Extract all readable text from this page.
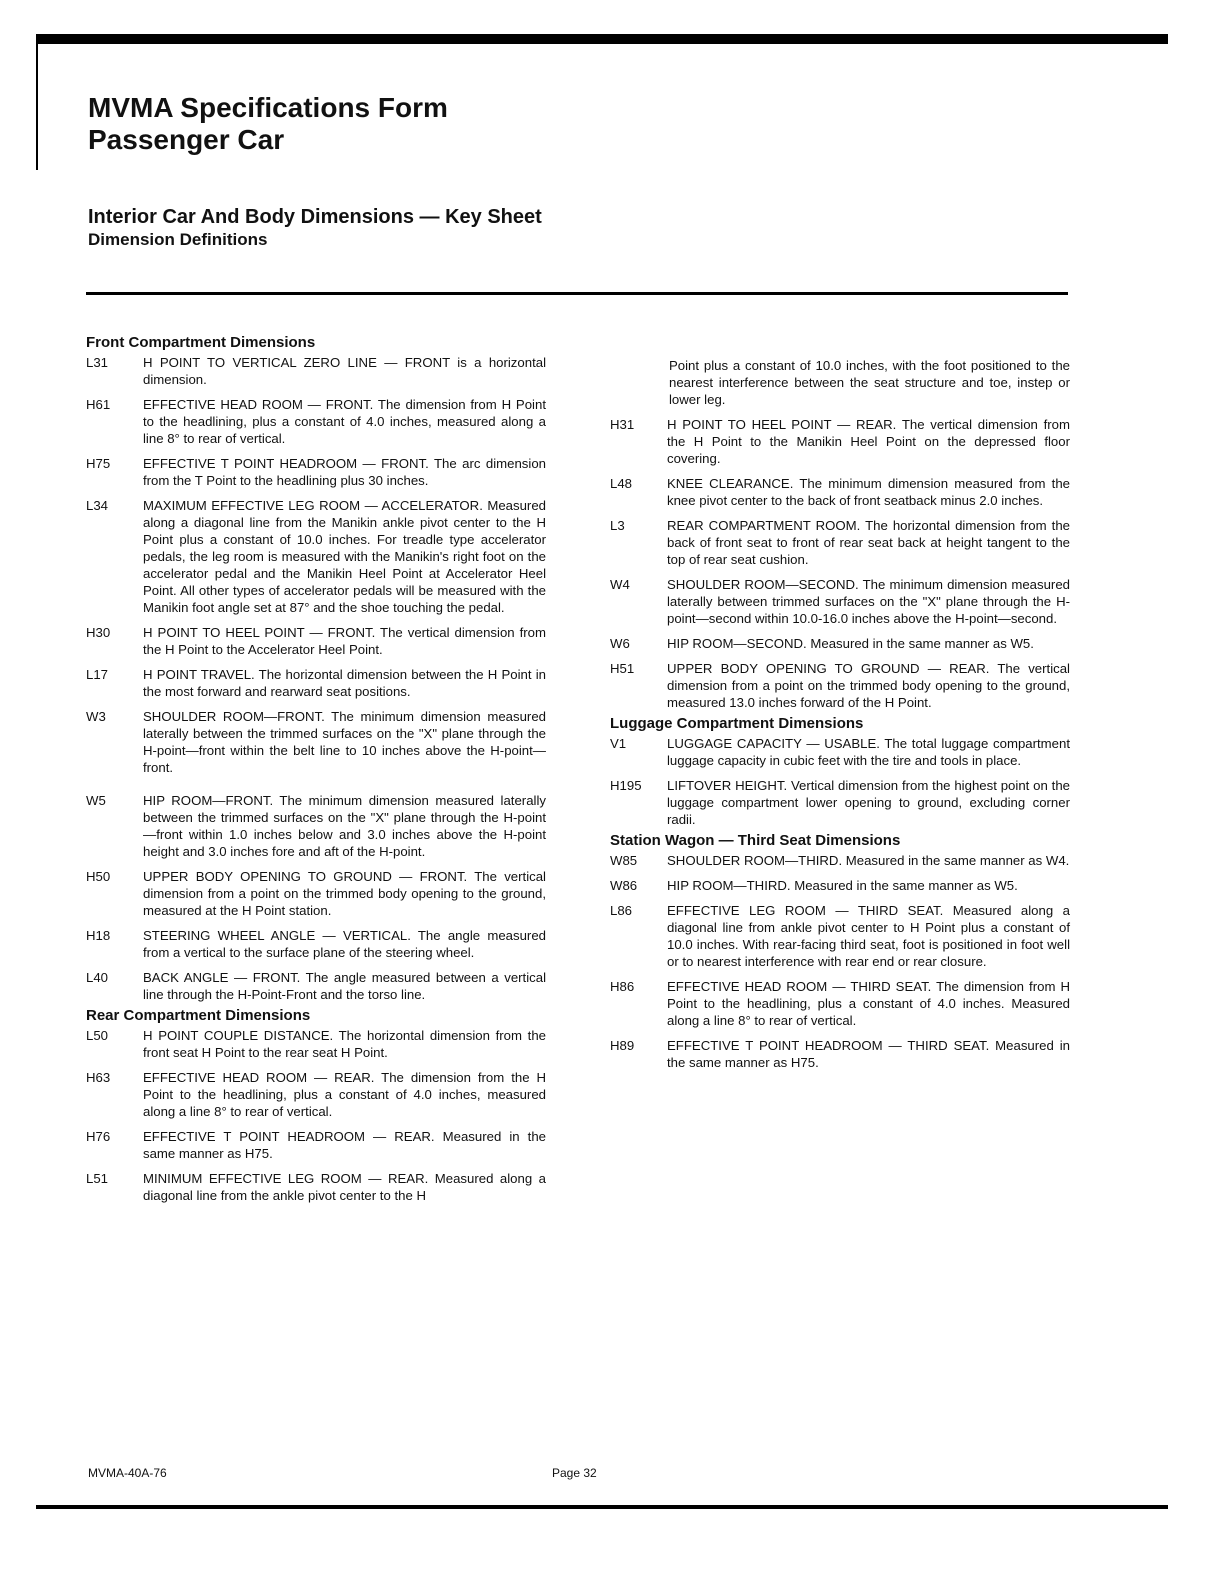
MVMA Specifications Form
Passenger Car
Interior Car And Body Dimensions — Key Sheet
Dimension Definitions
Front Compartment Dimensions
L31	H POINT TO VERTICAL ZERO LINE — FRONT is a horizontal dimension.
H61	EFFECTIVE HEAD ROOM — FRONT. The dimension from H Point to the headlining, plus a constant of 4.0 inches, measured along a line 8° to rear of vertical.
H75	EFFECTIVE T POINT HEADROOM — FRONT. The arc dimension from the T Point to the headlining plus 30 inches.
L34	MAXIMUM EFFECTIVE LEG ROOM — ACCELERATOR. Measured along a diagonal line from the Manikin ankle pivot center to the H Point plus a constant of 10.0 inches. For treadle type accelerator pedals, the leg room is measured with the Manikin's right foot on the accelerator pedal and the Manikin Heel Point at Accelerator Heel Point. All other types of accelerator pedals will be measured with the Manikin foot angle set at 87° and the shoe touching the pedal.
H30	H POINT TO HEEL POINT — FRONT. The vertical dimension from the H Point to the Accelerator Heel Point.
L17	H POINT TRAVEL. The horizontal dimension between the H Point in the most forward and rearward seat positions.
W3	SHOULDER ROOM—FRONT. The minimum dimension measured laterally between the trimmed surfaces on the "X" plane through the H-point—front within the belt line to 10 inches above the H-point—front.
W5	HIP ROOM—FRONT. The minimum dimension measured laterally between the trimmed surfaces on the "X" plane through the H-point—front within 1.0 inches below and 3.0 inches above the H-point height and 3.0 inches fore and aft of the H-point.
H50	UPPER BODY OPENING TO GROUND — FRONT. The vertical dimension from a point on the trimmed body opening to the ground, measured at the H Point station.
H18	STEERING WHEEL ANGLE — VERTICAL. The angle measured from a vertical to the surface plane of the steering wheel.
L40	BACK ANGLE — FRONT. The angle measured between a vertical line through the H-Point-Front and the torso line.
Rear Compartment Dimensions
L50	H POINT COUPLE DISTANCE. The horizontal dimension from the front seat H Point to the rear seat H Point.
H63	EFFECTIVE HEAD ROOM — REAR. The dimension from the H Point to the headlining, plus a constant of 4.0 inches, measured along a line 8° to rear of vertical.
H76	EFFECTIVE T POINT HEADROOM — REAR. Measured in the same manner as H75.
L51	MINIMUM EFFECTIVE LEG ROOM — REAR. Measured along a diagonal line from the ankle pivot center to the H
Point plus a constant of 10.0 inches, with the foot positioned to the nearest interference between the seat structure and toe, instep or lower leg.
H31	H POINT TO HEEL POINT — REAR. The vertical dimension from the H Point to the Manikin Heel Point on the depressed floor covering.
L48	KNEE CLEARANCE. The minimum dimension measured from the knee pivot center to the back of front seatback minus 2.0 inches.
L3	REAR COMPARTMENT ROOM. The horizontal dimension from the back of front seat to front of rear seat back at height tangent to the top of rear seat cushion.
W4	SHOULDER ROOM—SECOND. The minimum dimension measured laterally between trimmed surfaces on the "X" plane through the H-point—second within 10.0-16.0 inches above the H-point—second.
W6	HIP ROOM—SECOND. Measured in the same manner as W5.
H51	UPPER BODY OPENING TO GROUND — REAR. The vertical dimension from a point on the trimmed body opening to the ground, measured 13.0 inches forward of the H Point.
Luggage Compartment Dimensions
V1	LUGGAGE CAPACITY — USABLE. The total luggage compartment luggage capacity in cubic feet with the tire and tools in place.
H195	LIFTOVER HEIGHT. Vertical dimension from the highest point on the luggage compartment lower opening to ground, excluding corner radii.
Station Wagon — Third Seat Dimensions
W85	SHOULDER ROOM—THIRD. Measured in the same manner as W4.
W86	HIP ROOM—THIRD. Measured in the same manner as W5.
L86	EFFECTIVE LEG ROOM — THIRD SEAT. Measured along a diagonal line from ankle pivot center to H Point plus a constant of 10.0 inches. With rear-facing third seat, foot is positioned in foot well or to nearest interference with rear end or rear closure.
H86	EFFECTIVE HEAD ROOM — THIRD SEAT. The dimension from H Point to the headlining, plus a constant of 4.0 inches. Measured along a line 8° to rear of vertical.
H89	EFFECTIVE T POINT HEADROOM — THIRD SEAT. Measured in the same manner as H75.
MVMA-40A-76	Page 32
